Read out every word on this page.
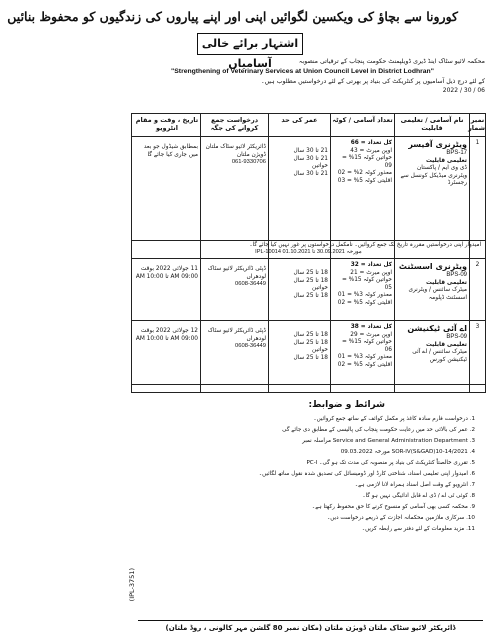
کورونا سے بچاؤ کی ویکسین لگوائیں اپنی اور اپنے پیاروں کی زندگیوں کو محفوظ بنائیں
اشتہار برائے خالی آسامیاں	محکمہ لائیو سٹاک اینڈ ڈیری ڈویلپمنٹ حکومت پنجاب کے ترقیاتی منصوبہ
"Strengthening of Veterinary Services at Union Council Level in District Lodhran"
کے لئے درج ذیل آسامیوں پر کنٹریکٹ کی بنیاد پر بھرتی کے لئے درخواستیں مطلوب ہیں۔
2022 / 30 / 06
نمبر شمار
نام آسامی / تعلیمی قابلیت
تعداد آسامی / کوٹہ
عمر کی حد
درخواست جمع کروانے کی جگہ
تاریخ ، وقت و مقام انٹرویو
1
ویٹرنری آفیسر
BPS-17
تعلیمی قابلیت
ڈی وی ایم / پاکستان ویٹرنری میڈیکل کونسل سے رجسٹرڈ
کل تعداد = 66
اوپن میرٹ = 43
خواتین کوٹہ 15% = 09
معذور کوٹہ 2% = 02
اقلیتی کوٹہ 5% = 03
21 تا 30 سال
21 تا 30 سال
خواتین
21 تا 30 سال
ڈائریکٹر لائیو سٹاک ملتان ڈویژن ملتان
061-9330706
بمطابق شیڈول جو بعد میں جاری کیا جائے گا
امیدوار اپنی درخواستیں مقررہ تاریخ تک جمع کروائیں۔ نامکمل درخواستوں پر غور نہیں کیا جائے گا۔
IPL-10014 مورخہ 30.09.2021 تا 01.10.2021
2
ویٹرنری اسسٹنٹ
BPS-09
تعلیمی قابلیت
میٹرک سائنس / ویٹرنری اسسٹنٹ ڈپلومہ
کل تعداد = 32
اوپن میرٹ = 21
خواتین کوٹہ 15% = 05
معذور کوٹہ 3% = 01
اقلیتی کوٹہ 5% = 02
18 تا 25 سال
18 تا 25 سال
خواتین
18 تا 25 سال
ڈپٹی ڈائریکٹر لائیو سٹاک لودھراں
0608-36449
11 جولائی 2022 بوقت 09:00 AM تا 10:00 AM
3
اے آئی ٹیکنیشن
BPS-09
تعلیمی قابلیت
میٹرک سائنس / اے آئی ٹیکنیشن کورس
کل تعداد = 38
اوپن میرٹ = 29
خواتین کوٹہ 15% = 06
معذور کوٹہ 3% = 01
اقلیتی کوٹہ 5% = 02
18 تا 25 سال
18 تا 25 سال
خواتین
18 تا 25 سال
ڈپٹی ڈائریکٹر لائیو سٹاک لودھراں
0608-36449
12 جولائی 2022 بوقت 09:00 AM تا 10:00 AM
شرائط و ضوابط:
1. درخواست فارم سادہ کاغذ پر مکمل کوائف کے ساتھ جمع کروائیں۔
2. عمر کی بالائی حد میں رعایت حکومت پنجاب کی پالیسی کے مطابق دی جائے گی
3. Service and General Administration Department مراسلہ نمبر
4. SOR-IV(S&GAD)10-14/2021 مورخہ 09.03.2022
5. تقرری خالصتاً کنٹریکٹ کی بنیاد پر منصوبہ کی مدت تک ہو گی۔ PC-I
6. امیدوار اپنی تعلیمی اسناد، شناختی کارڈ اور ڈومیسائل کی تصدیق شدہ نقول ساتھ لگائیں۔
7. انٹرویو کے وقت اصل اسناد ہمراہ لانا لازمی ہے۔
8. کوئی ٹی اے / ڈی اے قابل ادائیگی نہیں ہو گا۔
9. محکمہ کسی بھی آسامی کو منسوخ کرنے کا حق محفوظ رکھتا ہے۔
10. سرکاری ملازمین محکمانہ اجازت کے ذریعے درخواست دیں۔
11. مزید معلومات کے لئے دفتر سے رابطہ کریں۔
(IPL-3751)
ڈائریکٹر لائیو سٹاک ملتان ڈویژن ملتان (مکان نمبر 80 گلشن مہر کالونی ، روڈ ملتان)
